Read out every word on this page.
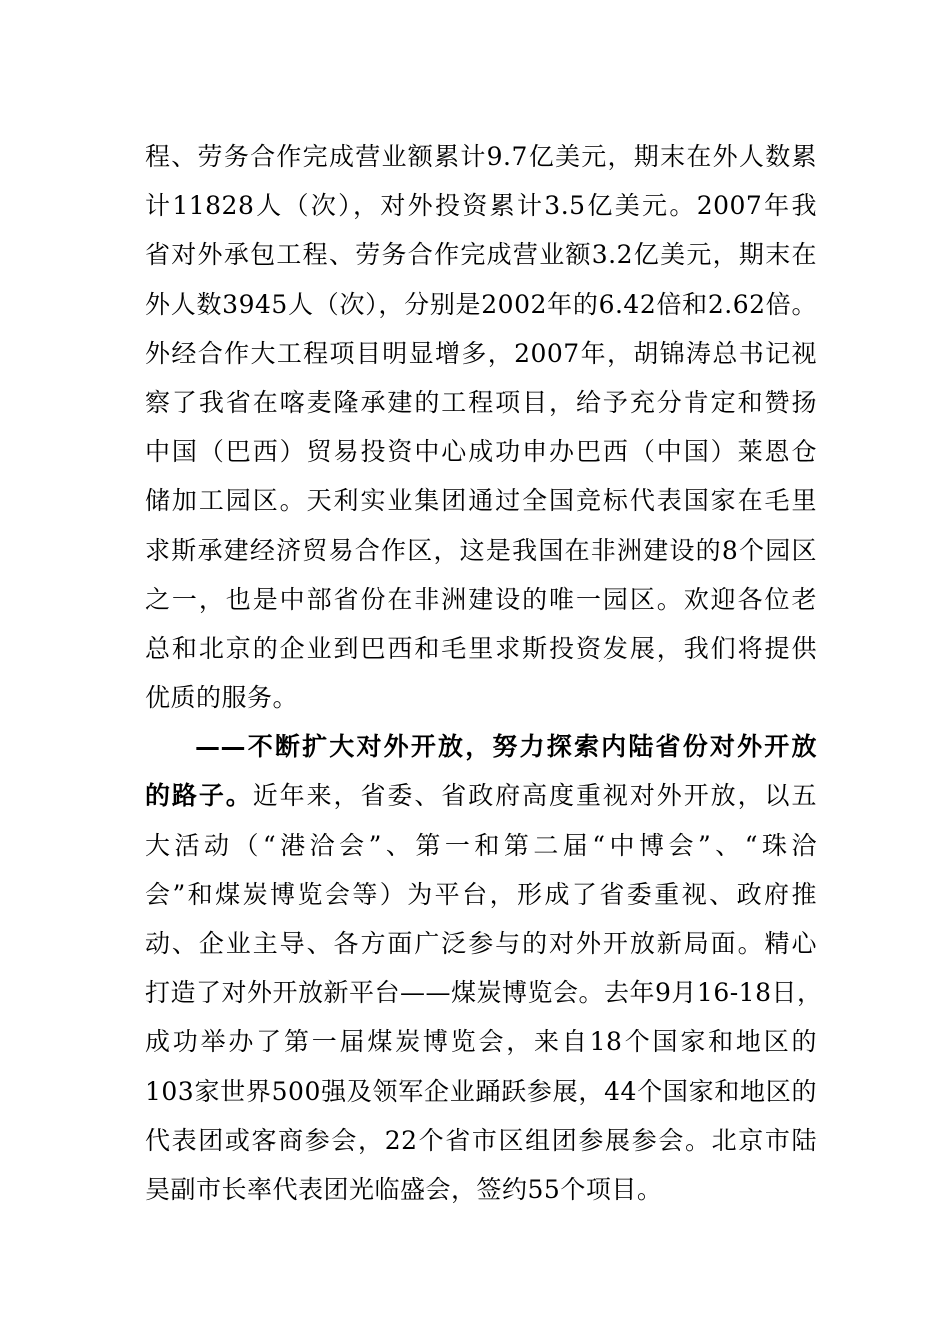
程、劳务合作完成营业额累计9.7亿美元，期末在外人数累
计11828人（次），对外投资累计3.5亿美元。2007年我
省对外承包工程、劳务合作完成营业额3.2亿美元，期末在
外人数3945人（次），分别是2002年的6.42倍和2.62倍。
外经合作大工程项目明显增多，2007年，胡锦涛总书记视
察了我省在喀麦隆承建的工程项目，给予充分肯定和赞扬
中国（巴西）贸易投资中心成功申办巴西（中国）莱恩仓
储加工园区。天利实业集团通过全国竞标代表国家在毛里
求斯承建经济贸易合作区，这是我国在非洲建设的8个园区
之一，也是中部省份在非洲建设的唯一园区。欢迎各位老
总和北京的企业到巴西和毛里求斯投资发展，我们将提供
优质的服务。
——不断扩大对外开放，努力探索内陆省份对外开放
的路子。近年来，省委、省政府高度重视对外开放，以五
大活动（“港洽会”、第一和第二届“中博会”、“珠洽
会”和煤炭博览会等）为平台，形成了省委重视、政府推
动、企业主导、各方面广泛参与的对外开放新局面。精心
打造了对外开放新平台——煤炭博览会。去年9月16-18日，
成功举办了第一届煤炭博览会，来自18个国家和地区的
103家世界500强及领军企业踊跃参展，44个国家和地区的
代表团或客商参会，22个省市区组团参展参会。北京市陆
昊副市长率代表团光临盛会，签约55个项目。
